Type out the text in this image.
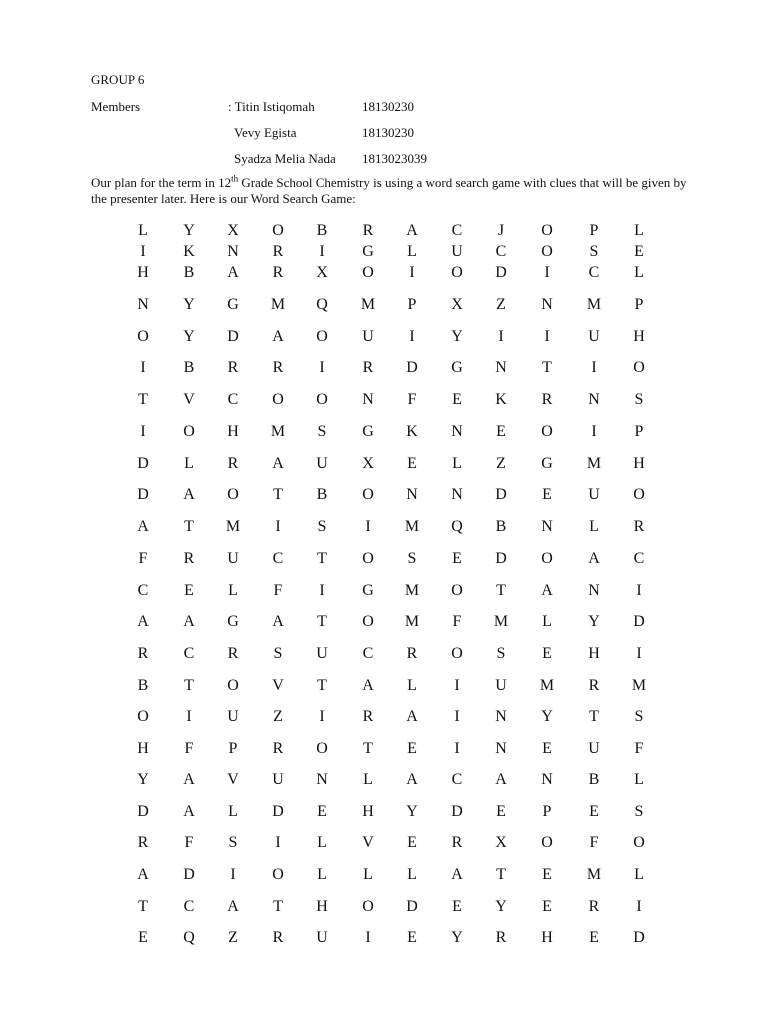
GROUP 6
Members	: Titin Istiqomah	18130230
Vevy Egista	18130230
Syadza Melia Nada 1813023039
Our plan for the term in 12th Grade School Chemistry is using a word search game with clues that will be given by the presenter later. Here is our Word Search Game:
L	Y	X	O	B	R	A	C	J	O	P	L
I	K	N	R	I	G	L	U	C	O	S	E
H	B	A	R	X	O	I	O	D	I	C	L
N	Y	G	M	Q	M	P	X	Z	N	M	P
O	Y	D	A	O	U	I	Y	I	I	U	H
I	B	R	R	I	R	D	G	N	T	I	O
T	V	C	O	O	N	F	E	K	R	N	S
I	O	H	M	S	G	K	N	E	O	I	P
D	L	R	A	U	X	E	L	Z	G	M	H
D	A	O	T	B	O	N	N	D	E	U	O
A	T	M	I	S	I	M	Q	B	N	L	R
F	R	U	C	T	O	S	E	D	O	A	C
C	E	L	F	I	G	M	O	T	A	N	I
A	A	G	A	T	O	M	F	M	L	Y	D
R	C	R	S	U	C	R	O	S	E	H	I
B	T	O	V	T	A	L	I	U	M	R	M
O	I	U	Z	I	R	A	I	N	Y	T	S
H	F	P	R	O	T	E	I	N	E	U	F
Y	A	V	U	N	L	A	C	A	N	B	L
D	A	L	D	E	H	Y	D	E	P	E	S
R	F	S	I	L	V	E	R	X	O	F	O
A	D	I	O	L	L	L	A	T	E	M	L
T	C	A	T	H	O	D	E	Y	E	R	I
E	Q	Z	R	U	I	E	Y	R	H	E	D
